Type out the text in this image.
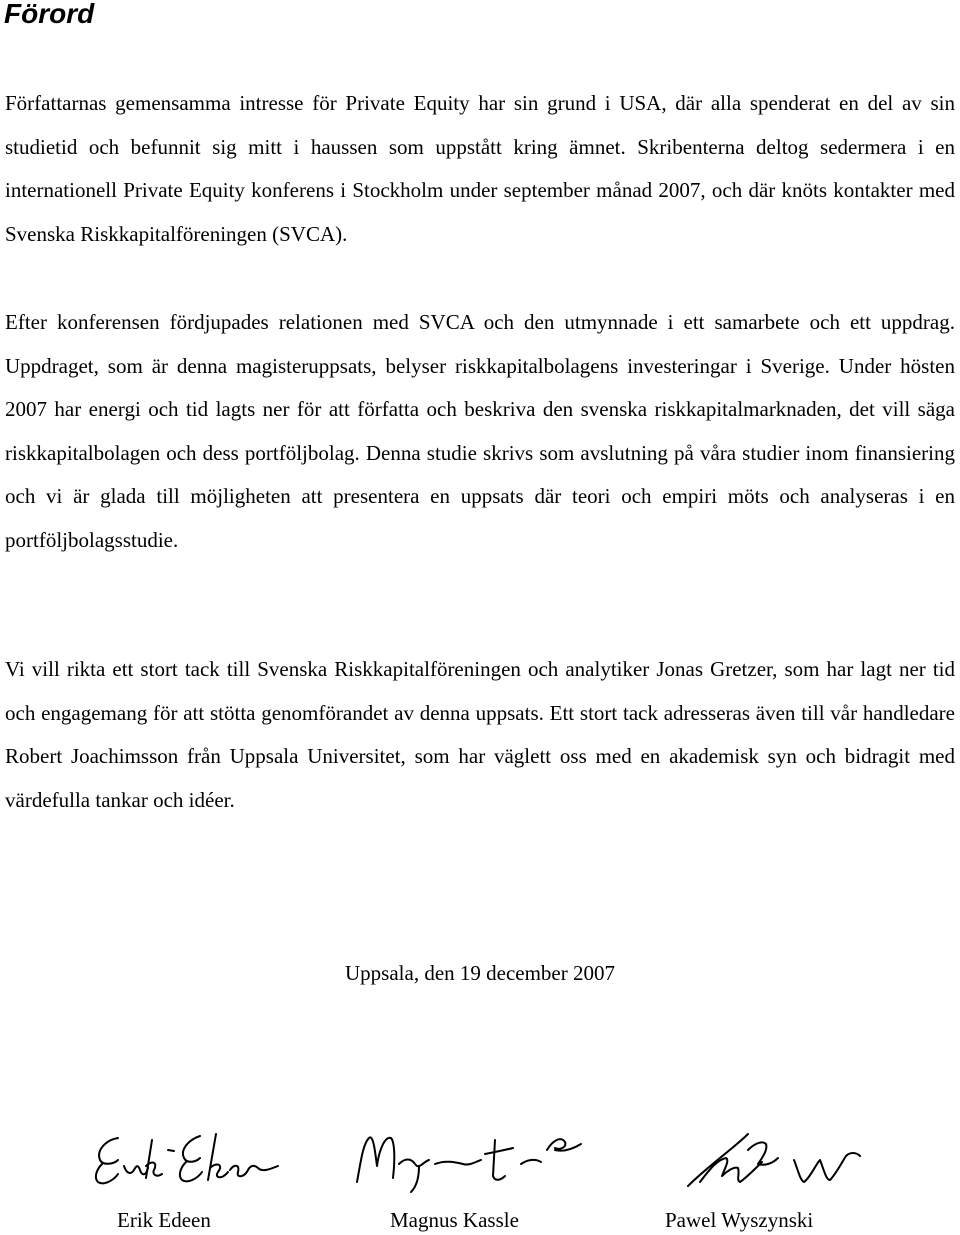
Förord

Författarnas gemensamma intresse för Private Equity har sin grund i USA, där alla spenderat en del av sin studietid och befunnit sig mitt i haussen som uppstått kring ämnet. Skribenterna deltog sedermera i en internationell Private Equity konferens i Stockholm under september månad 2007, och där knöts kontakter med Svenska Riskkapitalföreningen (SVCA).

Efter konferensen fördjupades relationen med SVCA och den utmynnade i ett samarbete och ett uppdrag. Uppdraget, som är denna magisteruppsats, belyser riskkapitalbolagens investeringar i Sverige. Under hösten 2007 har energi och tid lagts ner för att författa och beskriva den svenska riskkapitalmarknaden, det vill säga riskkapitalbolagen och dess portföljbolag. Denna studie skrivs som avslutning på våra studier inom finansiering och vi är glada till möjligheten att presentera en uppsats där teori och empiri möts och analyseras i en portföljbolagsstudie.

Vi vill rikta ett stort tack till Svenska Riskkapitalföreningen och analytiker Jonas Gretzer, som har lagt ner tid och engagemang för att stötta genomförandet av denna uppsats. Ett stort tack adresseras även till vår handledare Robert Joachimsson från Uppsala Universitet, som har väglett oss med en akademisk syn och bidragit med värdefulla tankar och idéer.

Uppsala, den 19 december 2007
Erik Edeen	Magnus Kassle	Pawel Wyszynski
